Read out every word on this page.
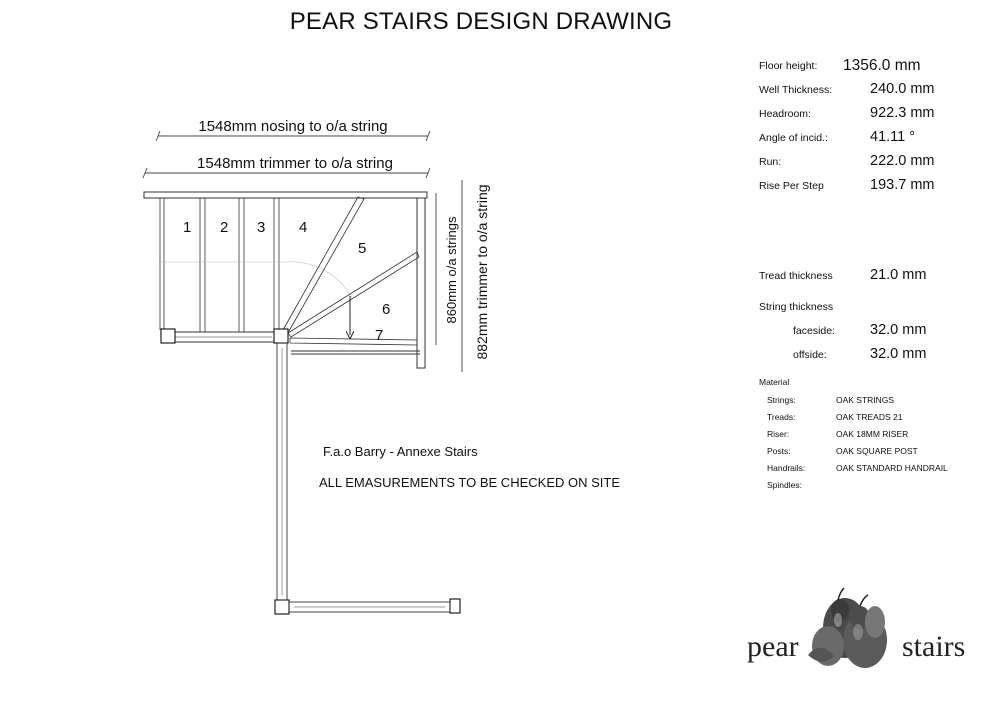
PEAR STAIRS DESIGN DRAWING
Floor height: 1356.0 mm
Well Thickness:	240.0 mm
Headroom:	922.3 mm
Angle of incid.:	41.11 °
Run:	222.0 mm
Rise Per Step	193.7 mm
Tread thickness	21.0 mm
String thickness
faceside: 32.0 mm
offside:	32.0 mm
Material
Strings:	OAK STRINGS
Treads:	OAK TREADS 21
Riser:	OAK 18MM RISER
Posts:	OAK SQUARE POST
Handrails:	OAK STANDARD HANDRAIL
Spindles:
F.a.o Barry - Annexe Stairs
ALL EMASUREMENTS TO BE CHECKED ON SITE
1548mm nosing to o/a string
1548mm trimmer to o/a string
860mm o/a strings 882mm trimmer to o/a string
1 2 3 4
5
6
7
pear	stairs
